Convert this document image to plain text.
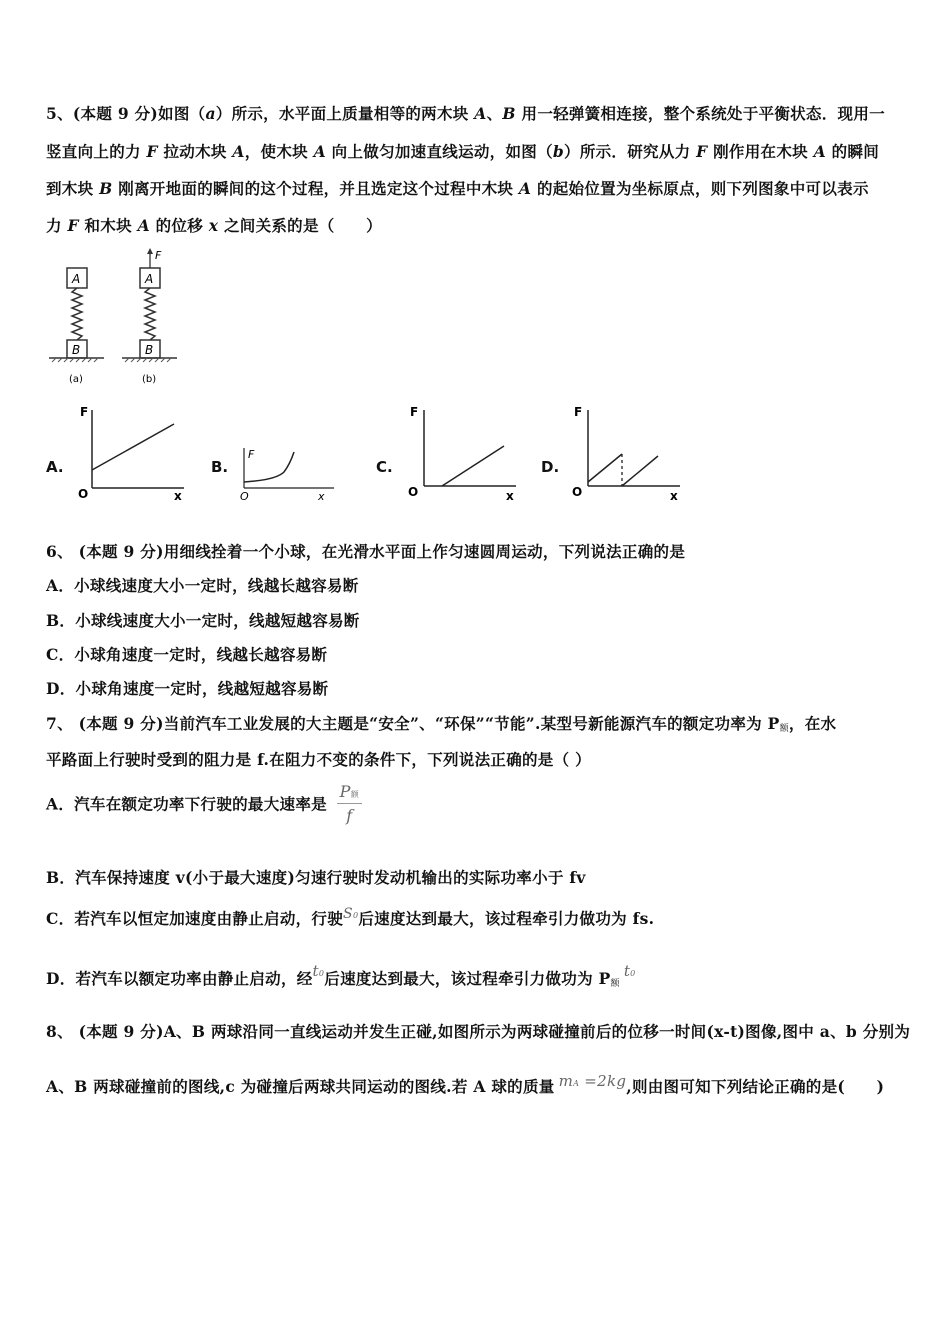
5、(本题 9 分)如图（a）所示，水平面上质量相等的两木块 A、B 用一轻弹簧相连接，整个系统处于平衡状态．现用一
竖直向上的力 F 拉动木块 A，使木块 A 向上做匀加速直线运动，如图（b）所示．研究从力 F 刚作用在木块 A 的瞬间
到木块 B 刚离开地面的瞬间的这个过程，并且选定这个过程中木块 A 的起始位置为坐标原点，则下列图象中可以表示
力 F 和木块 A 的位移 x 之间关系的是（　　）
A
B
(a)
F
A
B
(b)
A.
F
O	x
B.
F
O	x
C.
F
O	x
D.
F
O	x
6、 (本题 9 分)用细线拴着一个小球，在光滑水平面上作匀速圆周运动，下列说法正确的是
A．小球线速度大小一定时，线越长越容易断
B．小球线速度大小一定时，线越短越容易断
C．小球角速度一定时，线越长越容易断
D．小球角速度一定时，线越短越容易断
7、 (本题 9 分)当前汽车工业发展的大主题是“安全”、“环保”“节能”.某型号新能源汽车的额定功率为 $P_额$，在水
平路面上行驶时受到的阻力是 f.在阻力不变的条件下，下列说法正确的是（ ）
A．汽车在额定功率下行驶的最大速率是 $\frac{\text{P额}}{f}$
B．汽车保持速度 v(小于最大速度)匀速行驶时发动机输出的实际功率小于 fv
C．若汽车以恒定加速度由静止启动，行驶S0后速度达到最大，该过程牵引力做功为 fs.
D．若汽车以额定功率由静止启动，经t0后速度达到最大，该过程牵引力做功为 $P_额t0$
8、 (本题 9 分)A、B 两球沿同一直线运动并发生正碰,如图所示为两球碰撞前后的位移一时间(x-t)图像,图中 a、b 分别为
A、B 两球碰撞前的图线,c 为碰撞后两球共同运动的图线.若 A 球的质量 mA =2kg,则由图可知下列结论正确的是(　　)
